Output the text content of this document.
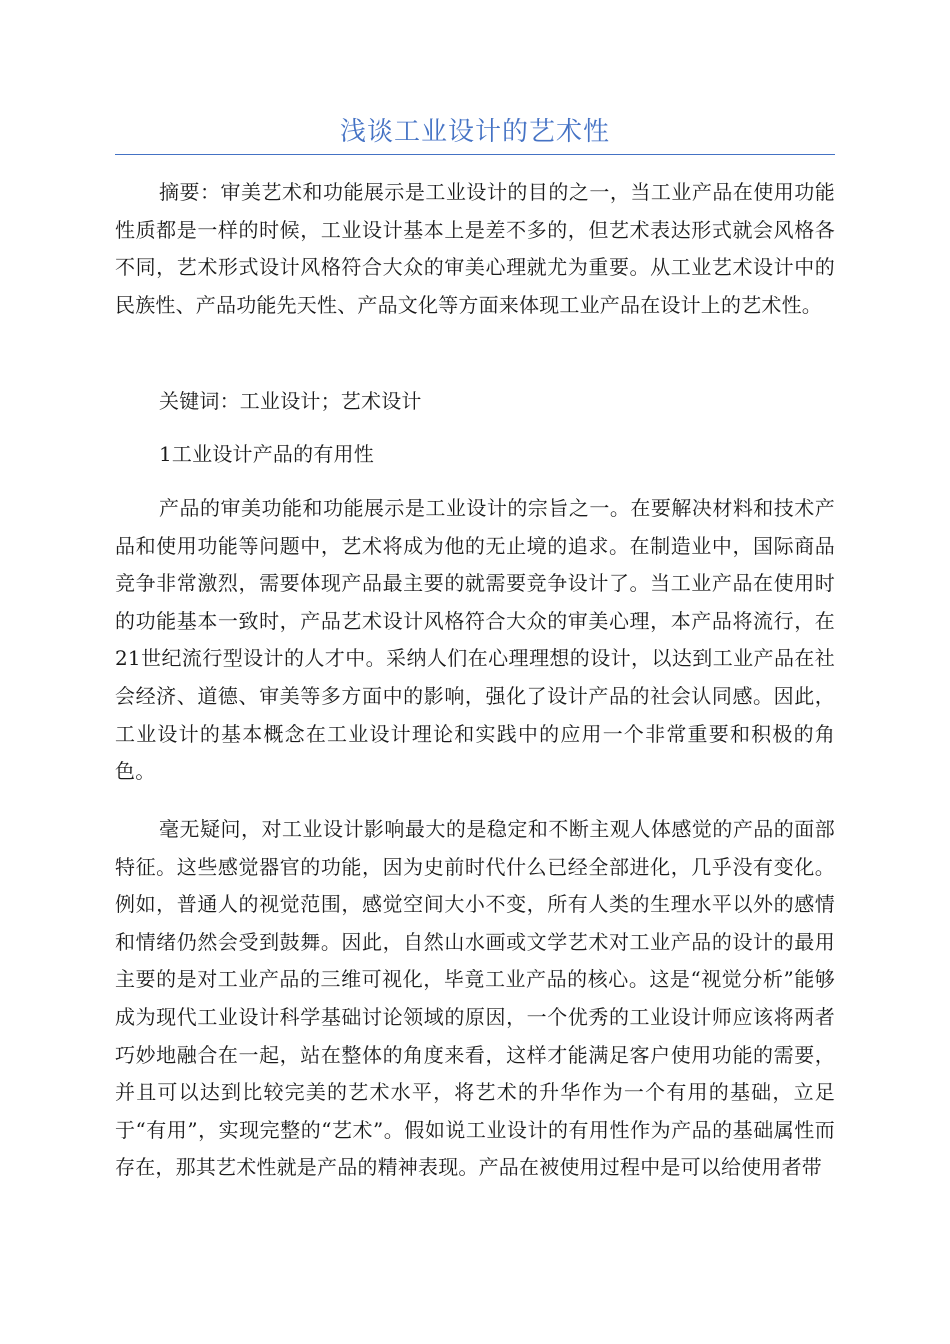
浅谈工业设计的艺术性

摘要：审美艺术和功能展示是工业设计的目的之一，当工业产品在使用功能性质都是一样的时候，工业设计基本上是差不多的，但艺术表达形式就会风格各不同，艺术形式设计风格符合大众的审美心理就尤为重要。从工业艺术设计中的民族性、产品功能先天性、产品文化等方面来体现工业产品在设计上的艺术性。

关键词：工业设计；艺术设计

1工业设计产品的有用性

产品的审美功能和功能展示是工业设计的宗旨之一。在要解决材料和技术产品和使用功能等问题中，艺术将成为他的无止境的追求。在制造业中，国际商品竞争非常激烈，需要体现产品最主要的就需要竞争设计了。当工业产品在使用时的功能基本一致时，产品艺术设计风格符合大众的审美心理，本产品将流行，在21世纪流行型设计的人才中。采纳人们在心理理想的设计，以达到工业产品在社会经济、道德、审美等多方面中的影响，强化了设计产品的社会认同感。因此，工业设计的基本概念在工业设计理论和实践中的应用一个非常重要和积极的角色。

毫无疑问，对工业设计影响最大的是稳定和不断主观人体感觉的产品的面部特征。这些感觉器官的功能，因为史前时代什么已经全部进化，几乎没有变化。例如，普通人的视觉范围，感觉空间大小不变，所有人类的生理水平以外的感情和情绪仍然会受到鼓舞。因此，自然山水画或文学艺术对工业产品的设计的最用主要的是对工业产品的三维可视化，毕竟工业产品的核心。这是“视觉分析”能够成为现代工业设计科学基础讨论领域的原因，一个优秀的工业设计师应该将两者巧妙地融合在一起，站在整体的角度来看，这样才能满足客户使用功能的需要，并且可以达到比较完美的艺术水平，将艺术的升华作为一个有用的基础，立足于“有用”，实现完整的“艺术”。假如说工业设计的有用性作为产品的基础属性而存在，那其艺术性就是产品的精神表现。产品在被使用过程中是可以给使用者带
